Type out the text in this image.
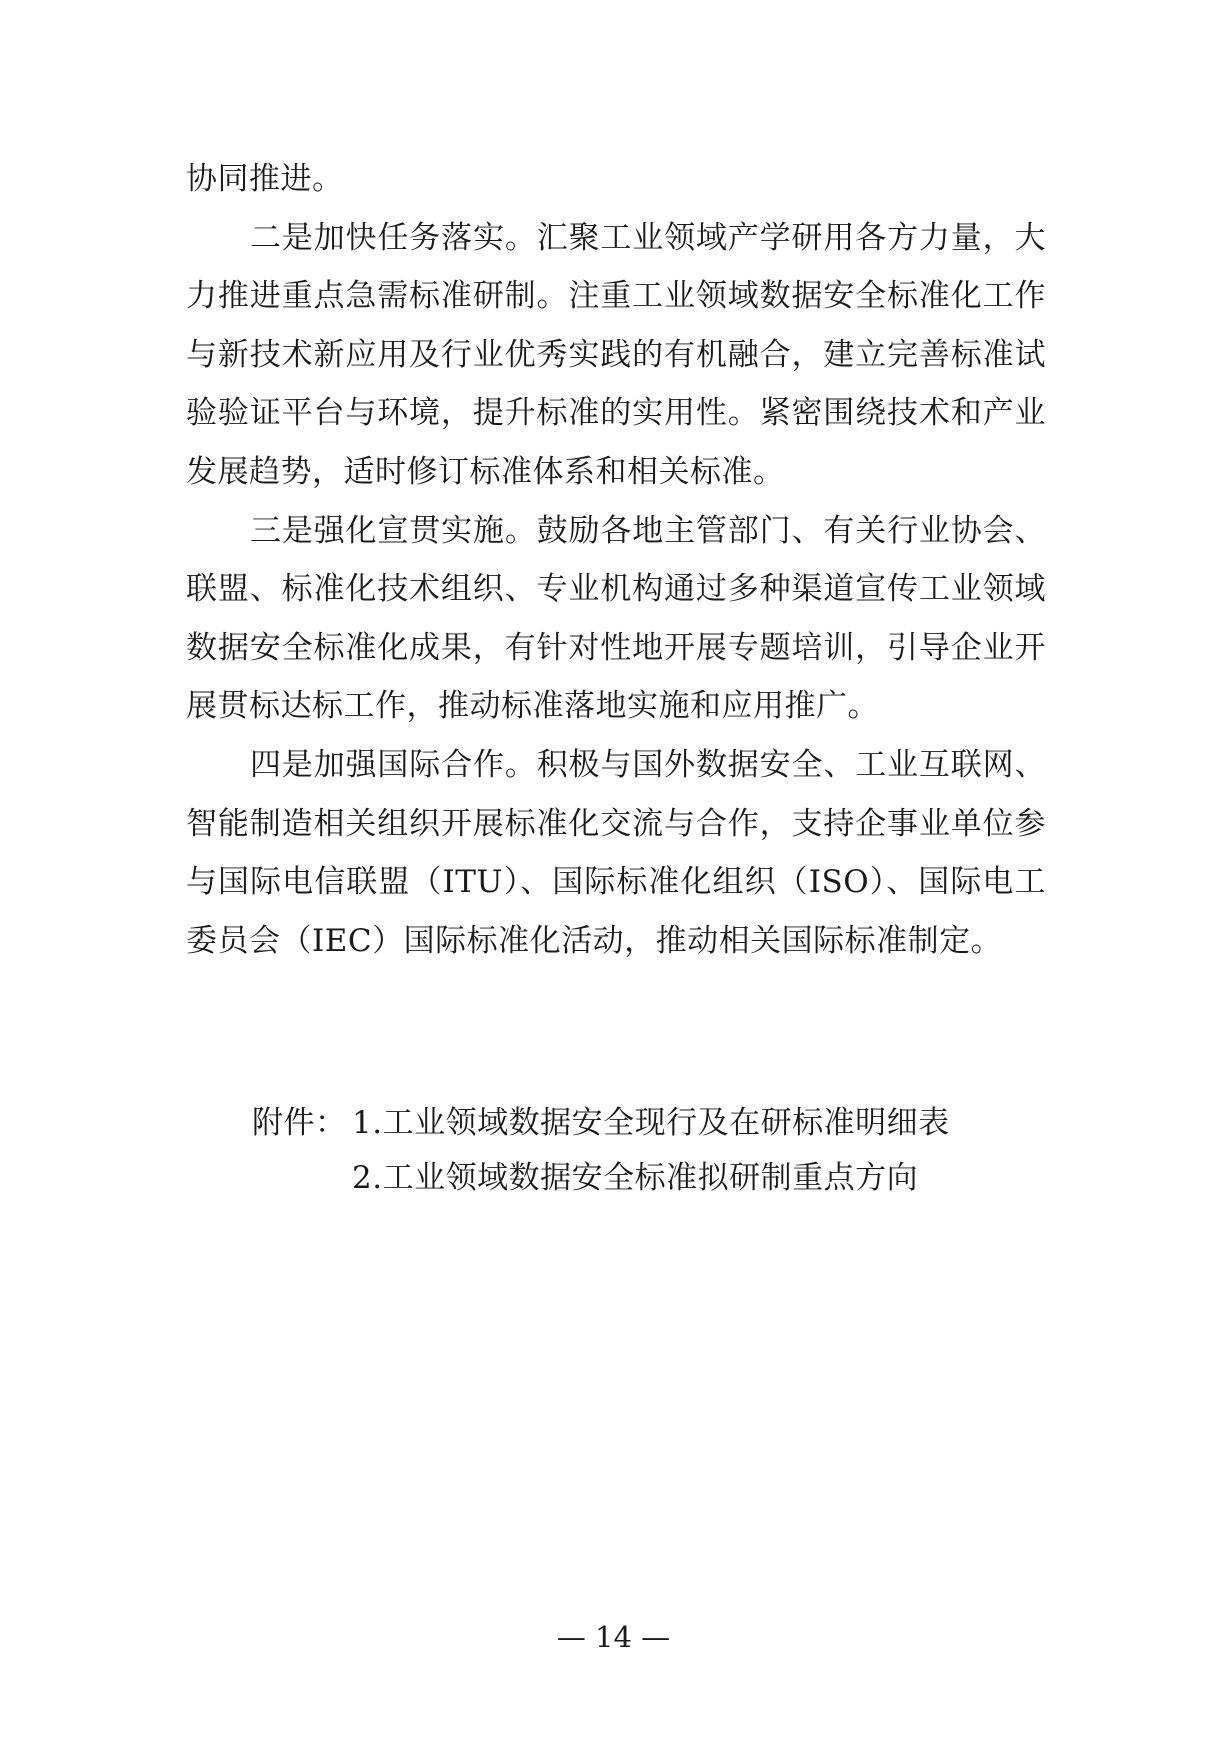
协同推进。

二是加快任务落实。汇聚工业领域产学研用各方力量，大力推进重点急需标准研制。注重工业领域数据安全标准化工作与新技术新应用及行业优秀实践的有机融合，建立完善标准试验验证平台与环境，提升标准的实用性。紧密围绕技术和产业发展趋势，适时修订标准体系和相关标准。

三是强化宣贯实施。鼓励各地主管部门、有关行业协会、联盟、标准化技术组织、专业机构通过多种渠道宣传工业领域数据安全标准化成果，有针对性地开展专题培训，引导企业开展贯标达标工作，推动标准落地实施和应用推广。

四是加强国际合作。积极与国外数据安全、工业互联网、智能制造相关组织开展标准化交流与合作，支持企事业单位参与国际电信联盟（ITU）、国际标准化组织（ISO）、国际电工委员会（IEC）国际标准化活动，推动相关国际标准制定。

附件： 1.工业领域数据安全现行及在研标准明细表
2.工业领域数据安全标准拟研制重点方向
— 14 —
